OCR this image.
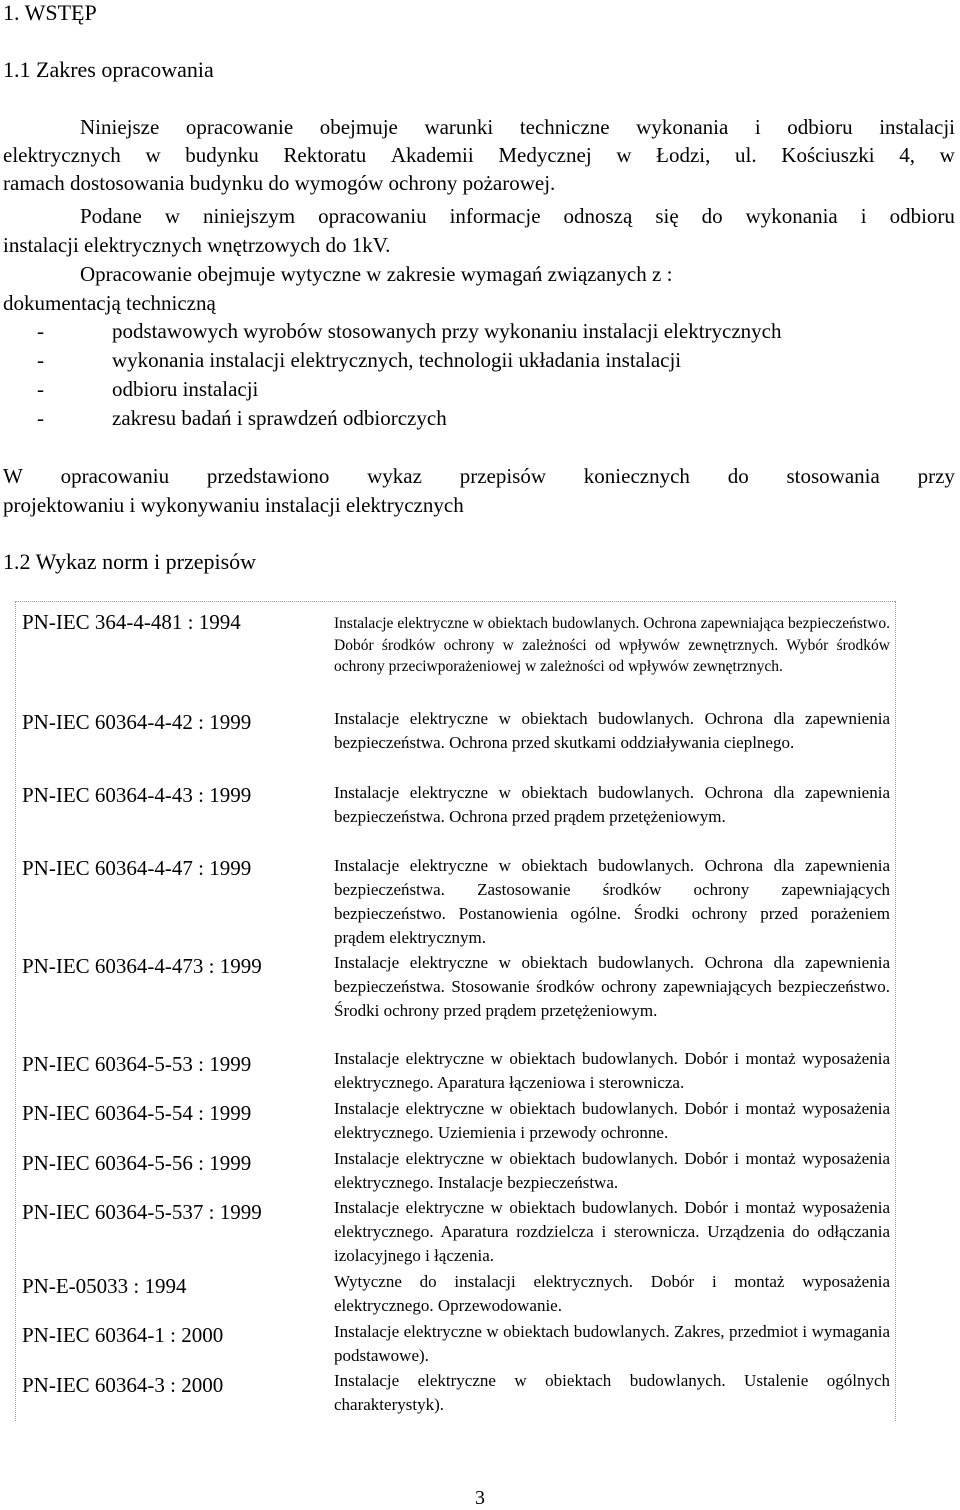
1. WSTĘP
1.1 Zakres opracowania
Niniejsze opracowanie obejmuje warunki techniczne wykonania i odbioru instalacji
elektrycznych w budynku Rektoratu Akademii Medycznej w Łodzi, ul. Kościuszki 4, w
ramach dostosowania budynku do wymogów ochrony pożarowej.
Podane w niniejszym opracowaniu informacje odnoszą się do wykonania i odbioru
instalacji elektrycznych wnętrzowych do 1kV.
Opracowanie obejmuje wytyczne w zakresie wymagań związanych z :
dokumentacją techniczną
-	podstawowych wyrobów stosowanych przy wykonaniu instalacji elektrycznych
-	wykonania instalacji elektrycznych, technologii układania instalacji
-	odbioru instalacji
-	zakresu badań i sprawdzeń odbiorczych
W opracowaniu przedstawiono wykaz przepisów koniecznych do stosowania przy
projektowaniu i wykonywaniu instalacji elektrycznych
1.2 Wykaz norm i przepisów
PN-IEC 364-4-481 : 1994	Instalacje elektryczne w obiektach budowlanych. Ochrona zapewniająca bezpieczeństwo. Dobór środków ochrony w zależności od wpływów zewnętrznych. Wybór środków ochrony przeciwporażeniowej w zależności od wpływów zewnętrznych.
PN-IEC 60364-4-42 : 1999	Instalacje elektryczne w obiektach budowlanych. Ochrona dla zapewnienia bezpieczeństwa. Ochrona przed skutkami oddziaływania cieplnego.
PN-IEC 60364-4-43 : 1999	Instalacje elektryczne w obiektach budowlanych. Ochrona dla zapewnienia bezpieczeństwa. Ochrona przed prądem przetężeniowym.
PN-IEC 60364-4-47 : 1999	Instalacje elektryczne w obiektach budowlanych. Ochrona dla zapewnienia bezpieczeństwa. Zastosowanie środków ochrony zapewniających bezpieczeństwo. Postanowienia ogólne. Środki ochrony przed porażeniem prądem elektrycznym.
PN-IEC 60364-4-473 : 1999	Instalacje elektryczne w obiektach budowlanych. Ochrona dla zapewnienia bezpieczeństwa. Stosowanie środków ochrony zapewniających bezpieczeństwo. Środki ochrony przed prądem przetężeniowym.
PN-IEC 60364-5-53 : 1999	Instalacje elektryczne w obiektach budowlanych. Dobór i montaż wyposażenia elektrycznego. Aparatura łączeniowa i sterownicza.
PN-IEC 60364-5-54 : 1999	Instalacje elektryczne w obiektach budowlanych. Dobór i montaż wyposażenia elektrycznego. Uziemienia i przewody ochronne.
PN-IEC 60364-5-56 : 1999	Instalacje elektryczne w obiektach budowlanych. Dobór i montaż wyposażenia elektrycznego. Instalacje bezpieczeństwa.
PN-IEC 60364-5-537 : 1999	Instalacje elektryczne w obiektach budowlanych. Dobór i montaż wyposażenia elektrycznego. Aparatura rozdzielcza i sterownicza. Urządzenia do odłączania izolacyjnego i łączenia.
PN-E-05033 : 1994	Wytyczne do instalacji elektrycznych. Dobór i montaż wyposażenia elektrycznego. Oprzewodowanie.
PN-IEC 60364-1 : 2000	Instalacje elektryczne w obiektach budowlanych. Zakres, przedmiot i wymagania podstawowe).
PN-IEC 60364-3 : 2000	Instalacje elektryczne w obiektach budowlanych. Ustalenie ogólnych charakterystyk).
3
